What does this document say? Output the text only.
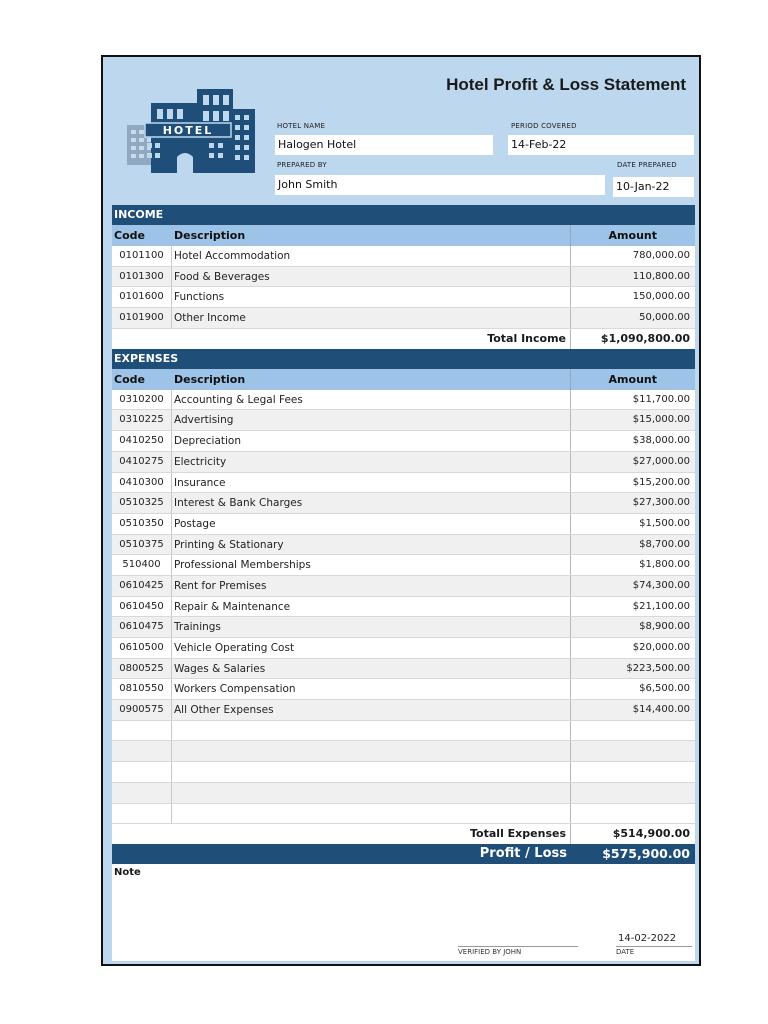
HOTEL
Hotel Profit & Loss Statement
HOTEL NAME
Halogen Hotel
PERIOD COVERED
14-Feb-22
PREPARED BY
John Smith
DATE PREPARED
10-Jan-22
INCOME
Code	Description	Amount
0101100 Hotel Accommodation	780,000.00
0101300 Food & Beverages	110,800.00
0101600 Functions	150,000.00
0101900 Other Income	50,000.00
Total Income	$1,090,800.00
EXPENSES
Code	Description	Amount
0310200 Accounting & Legal Fees	$11,700.00
0310225 Advertising	$15,000.00
0410250 Depreciation	$38,000.00
0410275 Electricity	$27,000.00
0410300 Insurance	$15,200.00
0510325 Interest & Bank Charges	$27,300.00
0510350 Postage	$1,500.00
0510375 Printing & Stationary	$8,700.00
510400	Professional Memberships	$1,800.00
0610425 Rent for Premises	$74,300.00
0610450 Repair & Maintenance	$21,100.00
0610475 Trainings	$8,900.00
0610500 Vehicle Operating Cost	$20,000.00
0800525 Wages & Salaries	$223,500.00
0810550 Workers Compensation	$6,500.00
0900575 All Other Expenses	$14,400.00
Totall Expenses	$514,900.00
Profit / Loss	$575,900.00
Note
14-02-2022
VERIFIED BY JOHN	DATE
